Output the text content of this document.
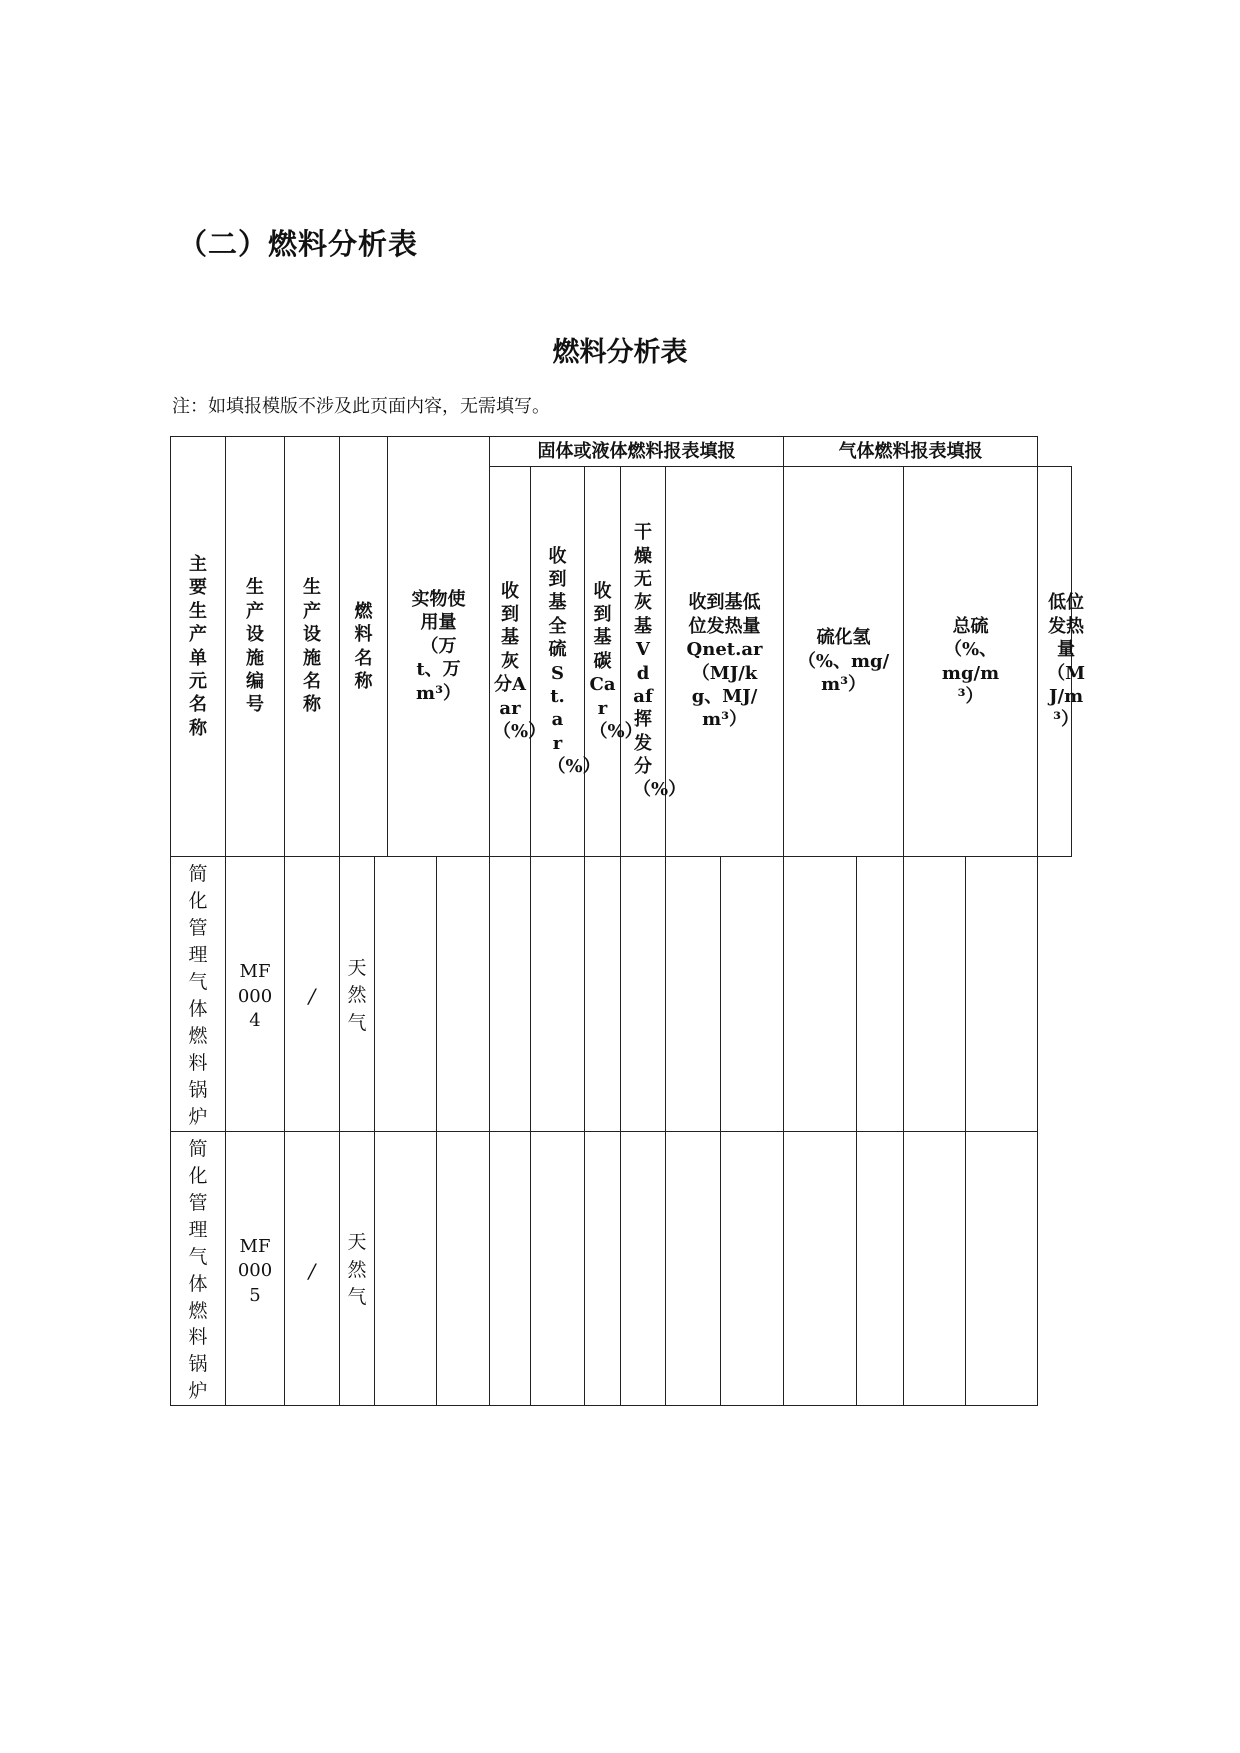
（二）燃料分析表
燃料分析表
注：如填报模版不涉及此页面内容，无需填写。
主要生产单元名称	生产设施编号	生产设施名称	燃料名称		实物使用量（万t、万m³）		固体或液体燃料报表填报						气体燃料报表填报				

							收到基灰分Aar（%）	收到基全硫St.ar（%）	收到基碳Car（%）	干燥无灰基Vdaf挥发分（%）	收到基低位发热量Qnet.ar（MJ/kg、MJ/m³）		硫化氢（%、mg/m³）		总硫（%、mg/m³）		低位发热量（MJ/m³）

简化管理气体燃料锅炉	MF0004	/	天然气														

简化管理气体燃料锅炉	MF0005	/	天然气														
